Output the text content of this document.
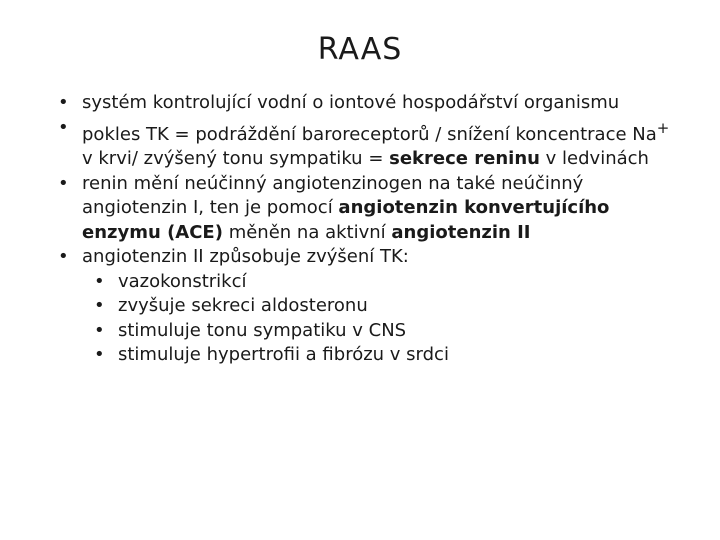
RAAS
• systém kontrolující vodní o iontové hospodářství organismu
• pokles TK = podráždění baroreceptorů / snížení koncentrace Na+ v krvi/ zvýšený tonu sympatiku = sekrece reninu v ledvinách
• renin mění neúčinný angiotenzinogen na také neúčinný angiotenzin I, ten je pomocí angiotenzin konvertujícího enzymu (ACE) měněn na aktivní angiotenzin II
• angiotenzin II způsobuje zvýšení TK:
• vazokonstrikcí
• zvyšuje sekreci aldosteronu
• stimuluje tonu sympatiku v CNS
• stimuluje hypertrofii a fibrózu v srdci
